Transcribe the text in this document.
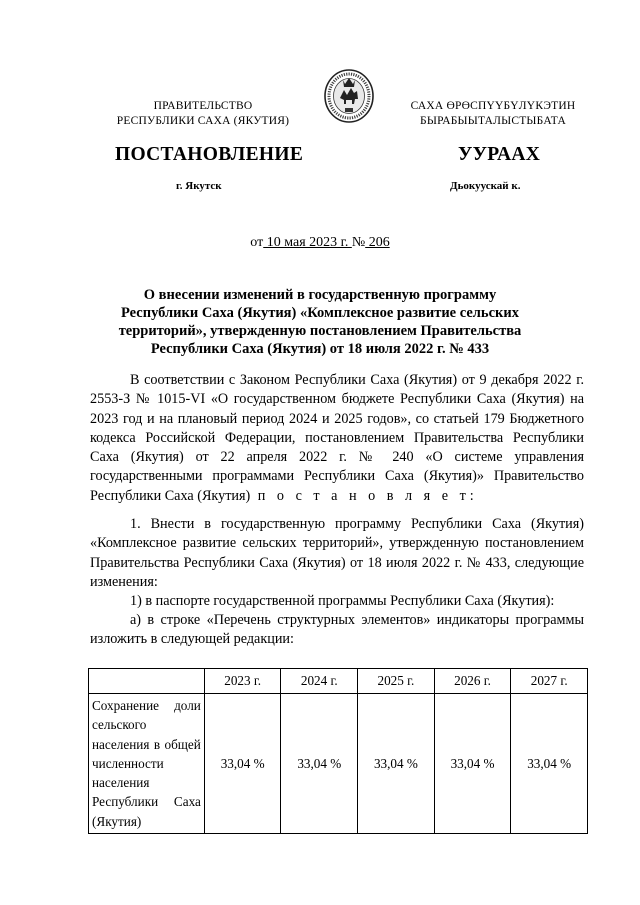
ПРАВИТЕЛЬСТВО
РЕСПУБЛИКИ САХА (ЯКУТИЯ)
САХА ӨРӨСПҮҮБҮЛҮКЭТИН
БЫРАБЫЫТАЛЫСТЫБАТА
ПОСТАНОВЛЕНИЕ	УУРААХ
г. Якутск	Дьокуускай к.
от 10 мая 2023 г. № 206
О внесении изменений в государственную программу Республики Саха (Якутия) «Комплексное развитие сельских территорий», утвержденную постановлением Правительства Республики Саха (Якутия) от 18 июля 2022 г. № 433
В соответствии с Законом Республики Саха (Якутия) от 9 декабря 2022 г. 2553-З № 1015-VI «О государственном бюджете Республики Саха (Якутия) на 2023 год и на плановый период 2024 и 2025 годов», со статьей 179 Бюджетного кодекса Российской Федерации, постановлением Правительства Республики Саха (Якутия) от 22 апреля 2022 г. № 240 «О системе управления государственными программами Республики Саха (Якутия)» Правительство Республики Саха (Якутия) п о с т а н о в л я е т:
1. Внести в государственную программу Республики Саха (Якутия) «Комплексное развитие сельских территорий», утвержденную постановлением Правительства Республики Саха (Якутия) от 18 июля 2022 г. № 433, следующие изменения:
1) в паспорте государственной программы Республики Саха (Якутия):
а) в строке «Перечень структурных элементов» индикаторы программы изложить в следующей редакции:
	2023 г.	2024 г.	2025 г.	2026 г.	2027 г.
Сохранение доли сельского населения в общей численности населения Республики Саха (Якутия)	33,04 %	33,04 %	33,04 %	33,04 %	33,04 %
